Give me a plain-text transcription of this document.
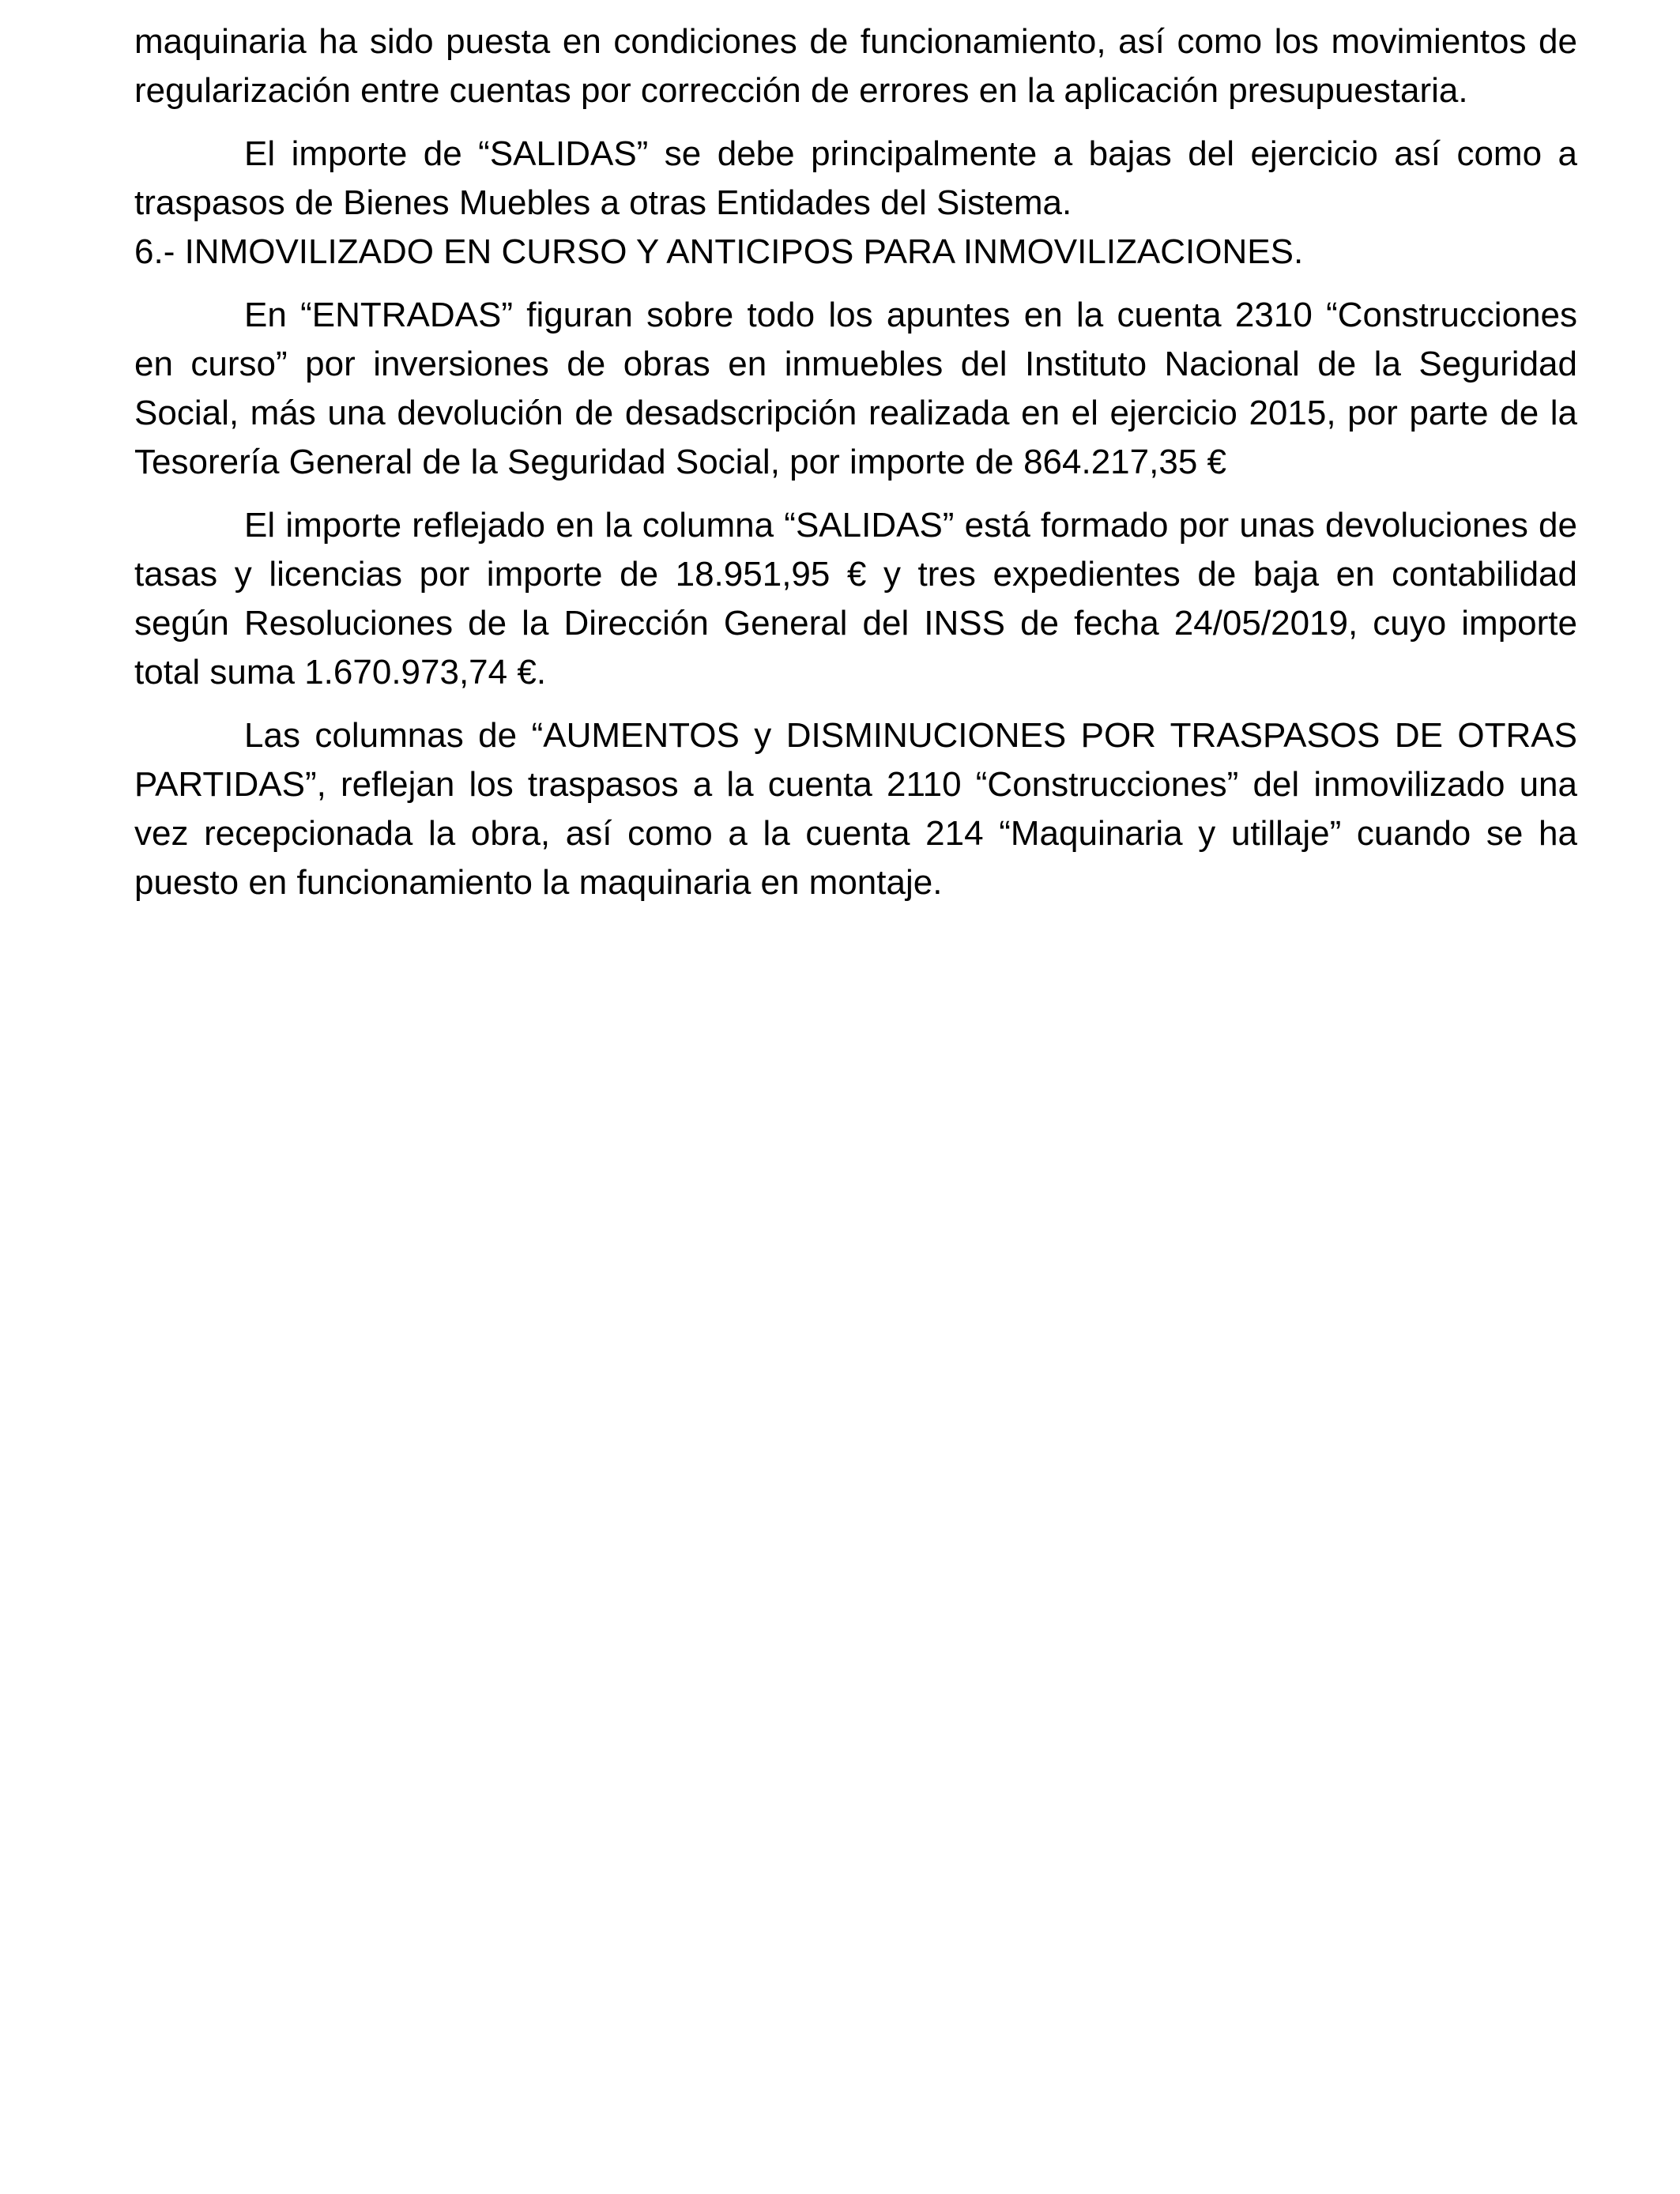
maquinaria ha sido puesta en condiciones de funcionamiento, así como los movimientos de regularización entre cuentas por corrección de errores en la aplicación presupuestaria.

El importe de “SALIDAS” se debe principalmente a bajas del ejercicio así como a traspasos de Bienes Muebles a otras Entidades del Sistema.

6.- INMOVILIZADO EN CURSO Y ANTICIPOS PARA INMOVILIZACIONES.

En “ENTRADAS” figuran sobre todo los apuntes en la cuenta 2310 “Construcciones en curso” por inversiones de obras en inmuebles del Instituto Nacional de la Seguridad Social, más una devolución de desadscripción realizada en el ejercicio 2015, por parte de la Tesorería General de la Seguridad Social, por importe de 864.217,35 €

El importe reflejado en la columna “SALIDAS” está formado por unas devoluciones de tasas y licencias por importe de 18.951,95 € y tres expedientes de baja en contabilidad según Resoluciones de la Dirección General del INSS de fecha 24/05/2019, cuyo importe total suma 1.670.973,74 €.

Las columnas de “AUMENTOS y DISMINUCIONES POR TRASPASOS DE OTRAS PARTIDAS”, reflejan los traspasos a la cuenta 2110 “Construcciones” del inmovilizado una vez recepcionada la obra, así como a la cuenta 214 “Maquinaria y utillaje” cuando se ha puesto en funcionamiento la maquinaria en montaje.
